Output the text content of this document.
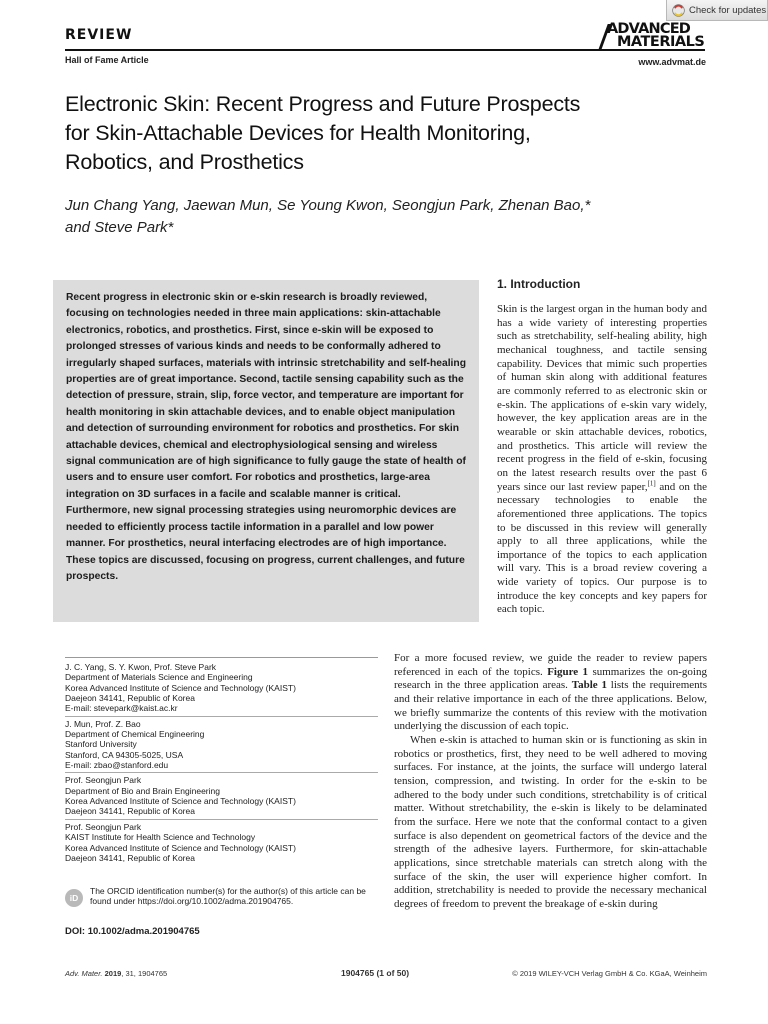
Check for updates
REVIEW
Hall of Fame Article
ADVANCED
MATERIALS
www.advmat.de
Electronic Skin: Recent Progress and Future Prospects
for Skin-Attachable Devices for Health Monitoring,
Robotics, and Prosthetics
Jun Chang Yang, Jaewan Mun, Se Young Kwon, Seongjun Park, Zhenan Bao,*
and Steve Park*

Recent progress in electronic skin or e-skin research is broadly reviewed, focusing on technologies needed in three main applications: skin-attachable electronics, robotics, and prosthetics. First, since e-skin will be exposed to prolonged stresses of various kinds and needs to be conformally adhered to irregularly shaped surfaces, materials with intrinsic stretchability and self-healing properties are of great importance. Second, tactile sensing capability such as the detection of pressure, strain, slip, force vector, and temperature are important for health monitoring in skin attachable devices, and to enable object manipulation and detection of surrounding environment for robotics and prosthetics. For skin attachable devices, chemical and electrophysiological sensing and wireless signal communication are of high significance to fully gauge the state of health of users and to ensure user comfort. For robotics and prosthetics, large-area integration on 3D surfaces in a facile and scalable manner is critical. Furthermore, new signal processing strategies using neuromorphic devices are needed to efficiently process tactile information in a parallel and low power manner. For prosthetics, neural interfacing electrodes are of high importance. These topics are discussed, focusing on progress, current challenges, and future prospects.

1. Introduction
Skin is the largest organ in the human body and has a wide variety of interesting properties such as stretchability, self-healing ability, high mechanical toughness, and tactile sensing capability. Devices that mimic such properties of human skin along with additional features are commonly referred to as electronic skin or e-skin. The applications of e-skin vary widely, however, the key application areas are in the wearable or skin attachable devices, robotics, and prosthetics. This article will review the recent progress in the field of e-skin, focusing on the latest research results over the past 6 years since our last review paper,[1] and on the necessary technologies to enable the aforementioned three applications. The topics to be discussed in this review will generally apply to all three applications, while the importance of the topics to each application will vary. This is a broad review covering a wide variety of topics. Our purpose is to introduce the key concepts and key papers for each topic.

For a more focused review, we guide the reader to review papers referenced in each of the topics. Figure 1 summarizes the on-going research in the three application areas. Table 1 lists the requirements and their relative importance in each of the three applications. Below, we briefly summarize the contents of this review with the motivation underlying the discussion of each topic.

When e-skin is attached to human skin or is functioning as skin in robotics or prosthetics, first, they need to be well adhered to moving surfaces. For instance, at the joints, the surface will undergo lateral tension, compression, and twisting. In order for the e-skin to be adhered to the body under such conditions, stretchability is of critical matter. Without stretchability, the e-skin is likely to be delaminated from the surface. Here we note that the conformal contact to a given surface is also dependent on geometrical factors of the device and the strength of the adhesive layers. Furthermore, for skin-attachable applications, since stretchable materials can stretch along with the surface of the skin, the user will experience higher comfort. In addition, stretchability is needed to provide the necessary mechanical degrees of freedom to prevent the breakage of e-skin during

J. C. Yang, S. Y. Kwon, Prof. Steve Park
Department of Materials Science and Engineering
Korea Advanced Institute of Science and Technology (KAIST)
Daejeon 34141, Republic of Korea
E-mail: stevepark@kaist.ac.kr
J. Mun, Prof. Z. Bao
Department of Chemical Engineering
Stanford University
Stanford, CA 94305-5025, USA
E-mail: zbao@stanford.edu
Prof. Seongjun Park
Department of Bio and Brain Engineering
Korea Advanced Institute of Science and Technology (KAIST)
Daejeon 34141, Republic of Korea
Prof. Seongjun Park
KAIST Institute for Health Science and Technology
Korea Advanced Institute of Science and Technology (KAIST)
Daejeon 34141, Republic of Korea
iD
The ORCID identification number(s) for the author(s) of this article can be found under https://doi.org/10.1002/adma.201904765.
DOI: 10.1002/adma.201904765
Adv. Mater. 2019, 31, 1904765	1904765 (1 of 50)	© 2019 WILEY-VCH Verlag GmbH & Co. KGaA, Weinheim
